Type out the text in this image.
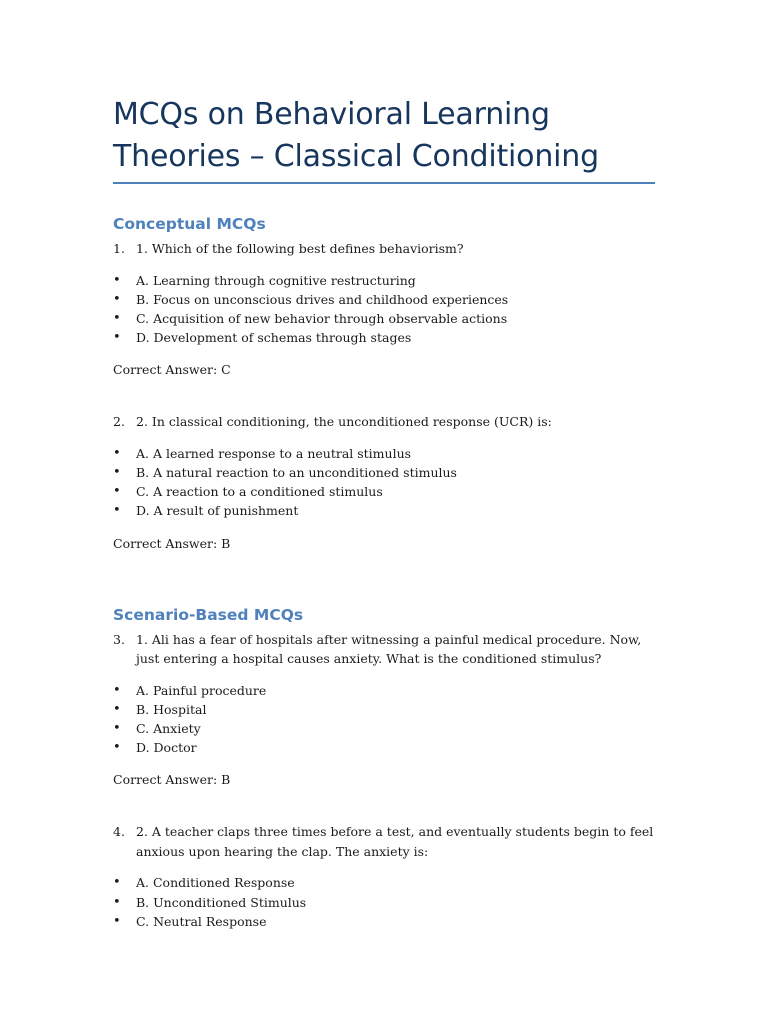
MCQs on Behavioral Learning Theories – Classical Conditioning
Conceptual MCQs
1. 1. Which of the following best defines behaviorism?
•	A. Learning through cognitive restructuring
•	B. Focus on unconscious drives and childhood experiences
•	C. Acquisition of new behavior through observable actions
•	D. Development of schemas through stages
Correct Answer: C
2. 2. In classical conditioning, the unconditioned response (UCR) is:
•	A. A learned response to a neutral stimulus
•	B. A natural reaction to an unconditioned stimulus
•	C. A reaction to a conditioned stimulus
•	D. A result of punishment
Correct Answer: B
Scenario-Based MCQs
3. 1. Ali has a fear of hospitals after witnessing a painful medical procedure. Now, just entering a hospital causes anxiety. What is the conditioned stimulus?
•	A. Painful procedure
•	B. Hospital
•	C. Anxiety
•	D. Doctor
Correct Answer: B
4. 2. A teacher claps three times before a test, and eventually students begin to feel anxious upon hearing the clap. The anxiety is:
•	A. Conditioned Response
•	B. Unconditioned Stimulus
•	C. Neutral Response
